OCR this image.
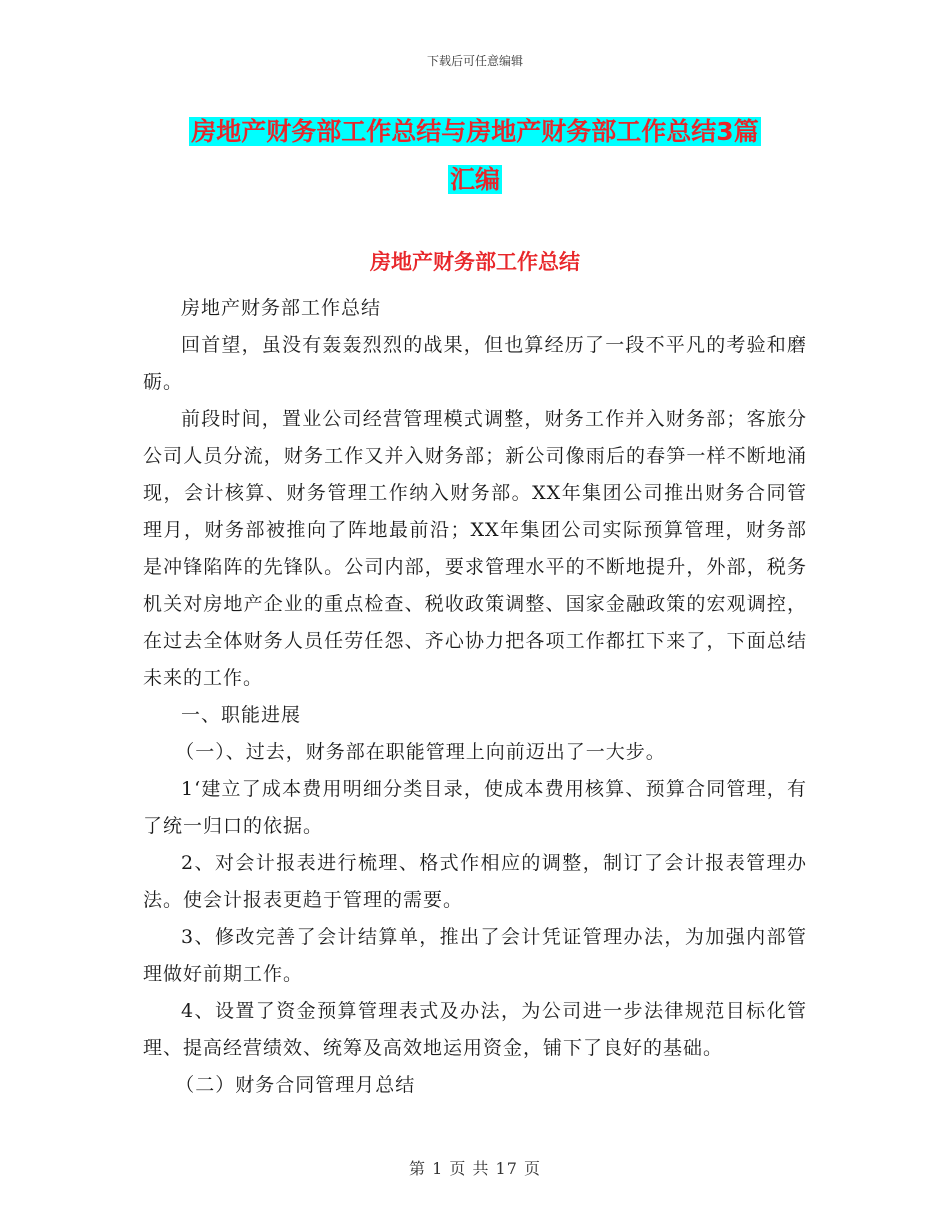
下载后可任意编辑
房地产财务部工作总结与房地产财务部工作总结3篇
汇编
房地产财务部工作总结

房地产财务部工作总结

回首望，虽没有轰轰烈烈的战果，但也算经历了一段不平凡的考验和磨砺。

前段时间，置业公司经营管理模式调整，财务工作并入财务部；客旅分公司人员分流，财务工作又并入财务部；新公司像雨后的春笋一样不断地涌现，会计核算、财务管理工作纳入财务部。XX年集团公司推出财务合同管理月，财务部被推向了阵地最前沿；XX年集团公司实际预算管理，财务部是冲锋陷阵的先锋队。公司内部，要求管理水平的不断地提升，外部，税务机关对房地产企业的重点检查、税收政策调整、国家金融政策的宏观调控，在过去全体财务人员任劳任怨、齐心协力把各项工作都扛下来了，下面总结未来的工作。

一、职能进展

（一）、过去，财务部在职能管理上向前迈出了一大步。

1‘建立了成本费用明细分类目录，使成本费用核算、预算合同管理，有了统一归口的依据。

2、对会计报表进行梳理、格式作相应的调整，制订了会计报表管理办法。使会计报表更趋于管理的需要。

3、修改完善了会计结算单，推出了会计凭证管理办法，为加强内部管理做好前期工作。

4、设置了资金预算管理表式及办法，为公司进一步法律规范目标化管理、提高经营绩效、统筹及高效地运用资金，铺下了良好的基础。

（二）财务合同管理月总结

第 1 页 共 17 页
